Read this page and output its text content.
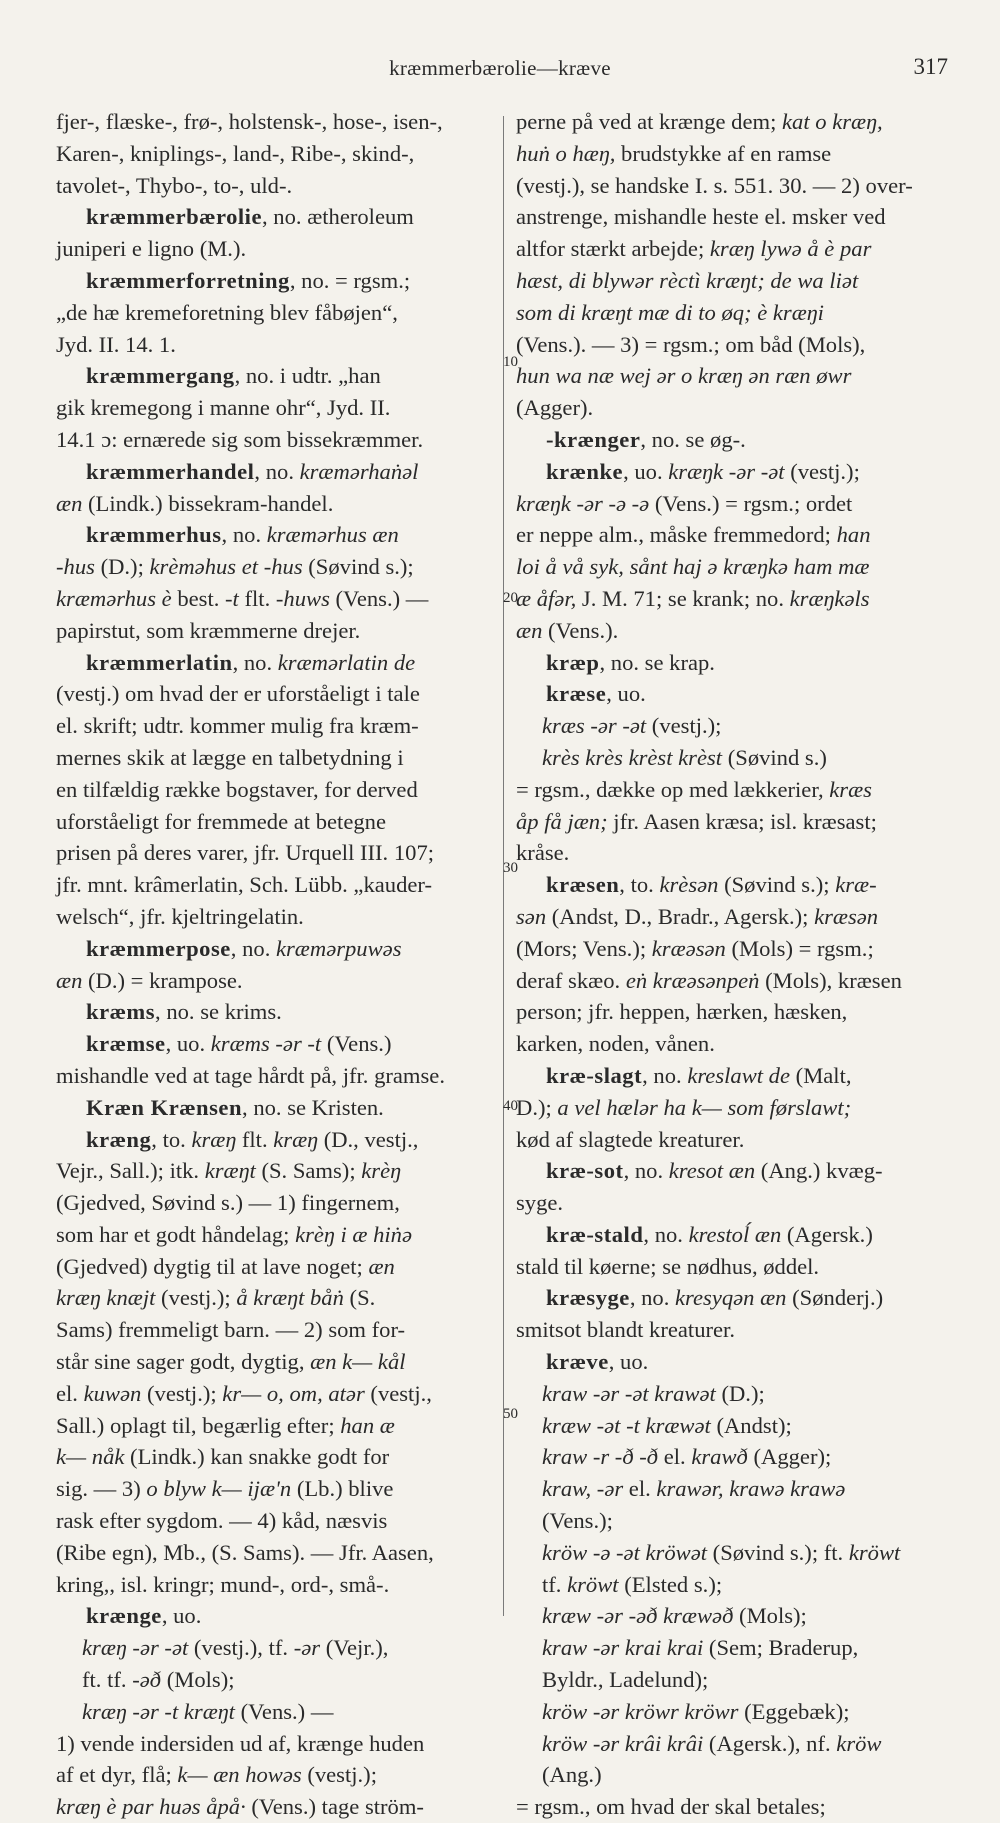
kræmmerbærolie—kræve	317
fjer-, flæske-, frø-, holstensk-, hose-, isen-,
Karen-, kniplings-, land-, Ribe-, skind-,
tavolet-, Thybo-, to-, uld-.
kræmmerbærolie, no. ætheroleum
juniperi e ligno (M.).
kræmmerforretning, no. = rgsm.;
„de hæ kremeforetning blev fåbøjen“,
Jyd. II. 14. 1.
kræmmergang, no. i udtr. „han
gik kremegong i manne ohr“, Jyd. II.
14.1 ɔ: ernærede sig som bissekræmmer.
kræmmerhandel, no. kræmərhaṅəl
æn (Lindk.) bissekram-handel.
kræmmerhus, no. kræmərhus æn
-hus (D.); krèməhus et -hus (Søvind s.);
kræmərhus è best. -t flt. -huws (Vens.) —
papirstut, som kræmmerne drejer.
kræmmerlatin, no. kræmərlatin de
(vestj.) om hvad der er uforståeligt i tale
el. skrift; udtr. kommer mulig fra kræm-
mernes skik at lægge en talbetydning i
en tilfældig række bogstaver, for derved
uforståeligt for fremmede at betegne
prisen på deres varer, jfr. Urquell III. 107;
jfr. mnt. krâmerlatin, Sch. Lübb. „kauder-
welsch“, jfr. kjeltringelatin.
kræmmerpose, no. kræmərpuwəs
æn (D.) = krampose.
kræms, no. se krims.
kræmse, uo. kræms -ər -t (Vens.)
mishandle ved at tage hårdt på, jfr. gramse.
Kræn Krænsen, no. se Kristen.
kræng, to. kræŋ flt. kræŋ (D., vestj.,
Vejr., Sall.); itk. kræŋt (S. Sams); krèŋ
(Gjedved, Søvind s.) — 1) fingernem,
som har et godt håndelag; krèŋ i æ hiṅə
(Gjedved) dygtig til at lave noget; æn
kræŋ knæjt (vestj.); å kræŋt båṅ (S.
Sams) fremmeligt barn. — 2) som for-
står sine sager godt, dygtig, æn k— kål
el. kuwən (vestj.); kr— o, om, atər (vestj.,
Sall.) oplagt til, begærlig efter; han æ
k— nåk (Lindk.) kan snakke godt for
sig. — 3) o blyw k— ijæ'n (Lb.) blive
rask efter sygdom. — 4) kåd, næsvis
(Ribe egn), Mb., (S. Sams). — Jfr. Aasen,
kring,, isl. kringr; mund-, ord-, små-.
krænge, uo.
kræŋ -ər -ət (vestj.), tf. -ər (Vejr.),
ft. tf. -əð (Mols);
kræŋ -ər -t kræŋt (Vens.) —
1) vende indersiden ud af, krænge huden
af et dyr, flå; k— æn howəs (vestj.);
kræŋ è par huəs åpå· (Vens.) tage ström-
10
20
30
40
50
perne på ved at krænge dem; kat o kræŋ,
huṅ o hæŋ, brudstykke af en ramse
(vestj.), se handske I. s. 551. 30. — 2) over-
anstrenge, mishandle heste el. msker ved
altfor stærkt arbejde; kræŋ lywə å è par
hæst, di blywər rèctì kræŋt; de wa liət
som di kræŋt mæ di to øq; è kræŋi
(Vens.). — 3) = rgsm.; om båd (Mols),
hun wa næ wej ər o kræŋ ən ræn øwr
(Agger).
-krænger, no. se øg-.
krænke, uo. kræŋk -ər -ət (vestj.);
kræŋk -ər -ə -ə (Vens.) = rgsm.; ordet
er neppe alm., måske fremmedord; han
loi å vå syk, sånt haj ə kræŋkə ham mæ
æ åfər, J. M. 71; se krank; no. kræŋkəls
æn (Vens.).
kræp, no. se krap.
kræse, uo.
kræs -ər -ət (vestj.);
krès krès krèst krèst (Søvind s.)
= rgsm., dække op med lækkerier, kræs
åp få jæn; jfr. Aasen kræsa; isl. kræsast;
kråse.
kræsen, to. krèsən (Søvind s.); kræ-
sən (Andst, D., Bradr., Agersk.); kræsən
(Mors; Vens.); kræəsən (Mols) = rgsm.;
deraf skæo. eṅ kræəsənpeṅ (Mols), kræsen
person; jfr. heppen, hærken, hæsken,
karken, noden, vånen.
kræ-slagt, no. kreslawt de (Malt,
D.); a vel hælər ha k— som førslawt;
kød af slagtede kreaturer.
kræ-sot, no. kresot æn (Ang.) kvæg-
syge.
kræ-stald, no. krestoĺ æn (Agersk.)
stald til køerne; se nødhus, øddel.
kræsyge, no. kresyqən æn (Sønderj.)
smitsot blandt kreaturer.
kræve, uo.
kraw -ər -ət krawət (D.);
kræw -ət -t kræwət (Andst);
kraw -r -ð -ð el. krawð (Agger);
kraw, -ər el. krawər, krawə krawə
(Vens.);
kröw -ə -ət kröwət (Søvind s.); ft. kröwt
tf. kröwt (Elsted s.);
kræw -ər -əð kræwəð (Mols);
kraw -ər krai krai (Sem; Braderup,
Byldr., Ladelund);
kröw -ər kröwr kröwr (Eggebæk);
kröw -ər krâi krâi (Agersk.), nf. kröw
(Ang.)
= rgsm., om hvad der skal betales;
